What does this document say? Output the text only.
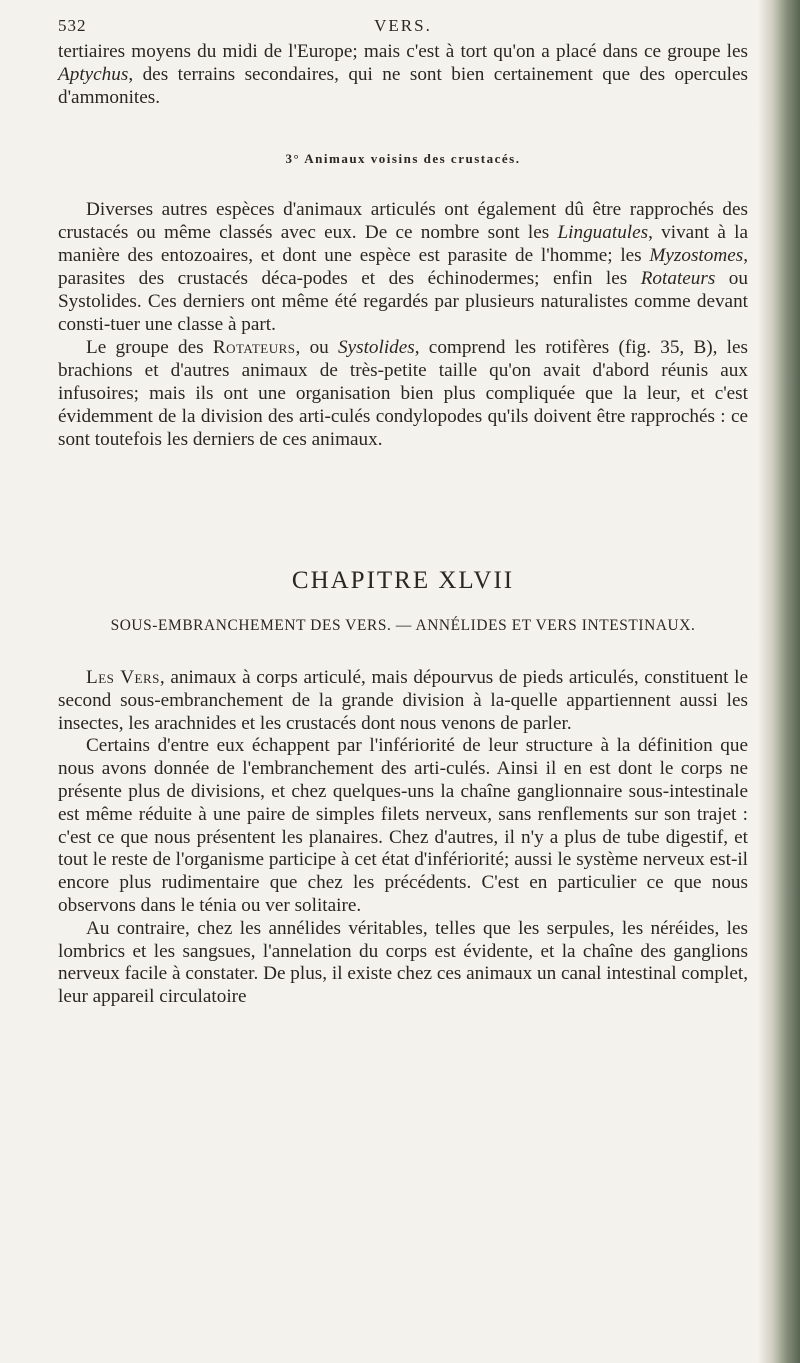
532	VERS.

tertiaires moyens du midi de l'Europe; mais c'est à tort qu'on a placé dans ce groupe les Aptychus, des terrains secondaires, qui ne sont bien certainement que des opercules d'ammonites.

3° Animaux voisins des crustacés.

Diverses autres espèces d'animaux articulés ont également dû être rapprochés des crustacés ou même classés avec eux. De ce nombre sont les Linguatules, vivant à la manière des entozoaires, et dont une espèce est parasite de l'homme; les Myzostomes, parasites des crustacés déca-podes et des échinodermes; enfin les Rotateurs ou Systolides. Ces derniers ont même été regardés par plusieurs naturalistes comme devant consti-tuer une classe à part.

Le groupe des Rotateurs, ou Systolides, comprend les rotifères (fig. 35, B), les brachions et d'autres animaux de très-petite taille qu'on avait d'abord réunis aux infusoires; mais ils ont une organisation bien plus compliquée que la leur, et c'est évidemment de la division des arti-culés condylopodes qu'ils doivent être rapprochés : ce sont toutefois les derniers de ces animaux.

CHAPITRE XLVII
SOUS-EMBRANCHEMENT DES VERS. — ANNÉLIDES ET VERS INTESTINAUX.

Les Vers, animaux à corps articulé, mais dépourvus de pieds articulés, constituent le second sous-embranchement de la grande division à la-quelle appartiennent aussi les insectes, les arachnides et les crustacés dont nous venons de parler.

Certains d'entre eux échappent par l'infériorité de leur structure à la définition que nous avons donnée de l'embranchement des arti-culés. Ainsi il en est dont le corps ne présente plus de divisions, et chez quelques-uns la chaîne ganglionnaire sous-intestinale est même réduite à une paire de simples filets nerveux, sans renflements sur son trajet : c'est ce que nous présentent les planaires. Chez d'autres, il n'y a plus de tube digestif, et tout le reste de l'organisme participe à cet état d'infériorité; aussi le système nerveux est-il encore plus rudimentaire que chez les précédents. C'est en particulier ce que nous observons dans le ténia ou ver solitaire.

Au contraire, chez les annélides véritables, telles que les serpules, les néréides, les lombrics et les sangsues, l'annelation du corps est évidente, et la chaîne des ganglions nerveux facile à constater. De plus, il existe chez ces animaux un canal intestinal complet, leur appareil circulatoire
